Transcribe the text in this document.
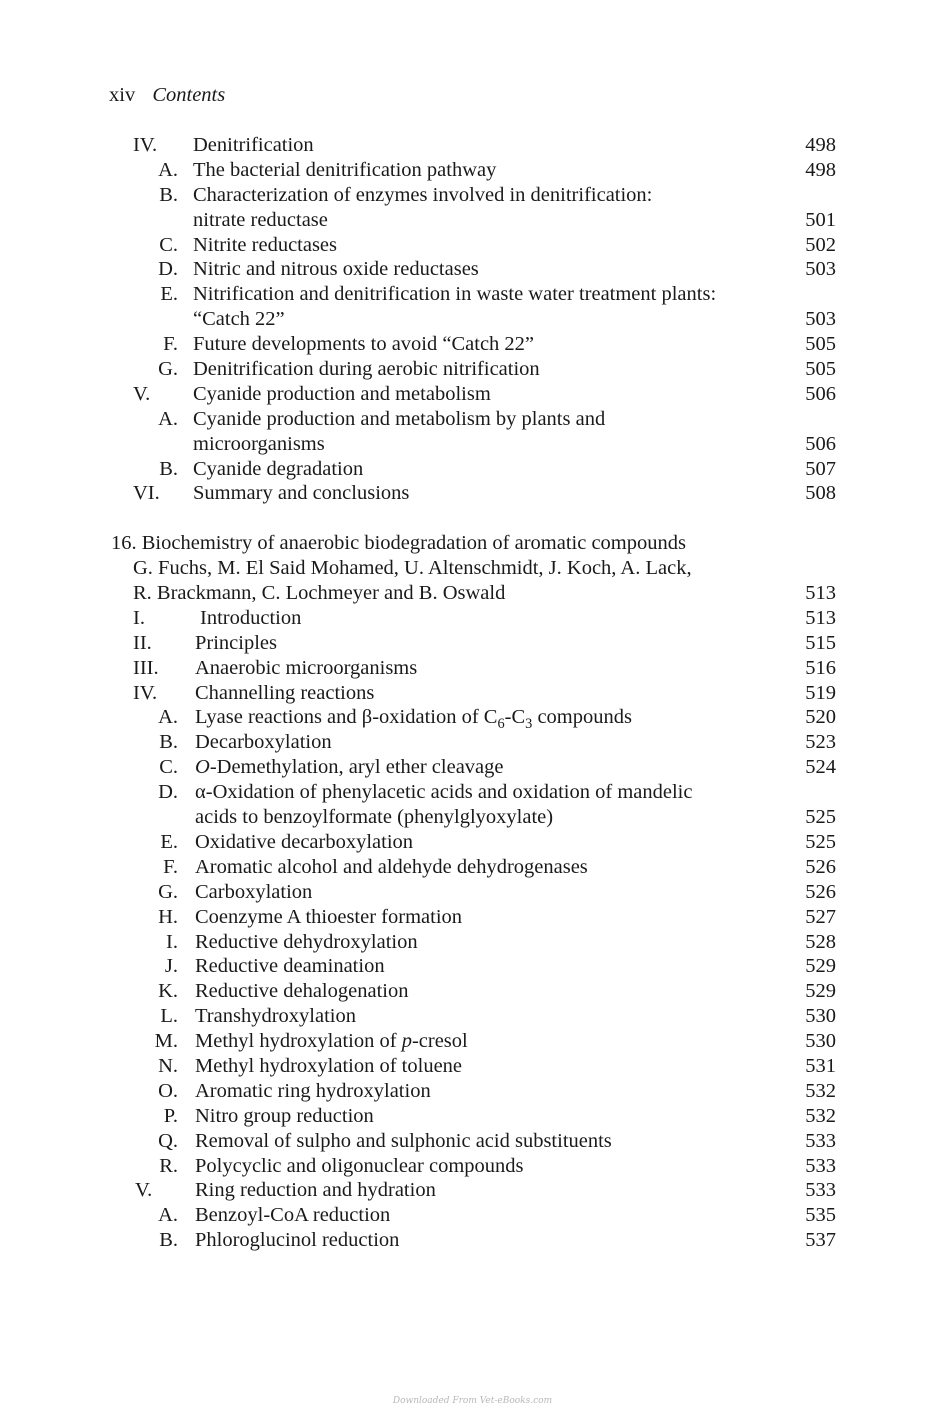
xiv Contents
IV. Denitrification	498
A. The bacterial denitrification pathway	498
B. Characterization of enzymes involved in denitrification:
nitrate reductase	501
C. Nitrite reductases	502
D. Nitric and nitrous oxide reductases	503
E. Nitrification and denitrification in waste water treatment plants:
“Catch 22”	503
F. Future developments to avoid “Catch 22”	505
G. Denitrification during aerobic nitrification	505
V. Cyanide production and metabolism	506
A. Cyanide production and metabolism by plants and
microorganisms	506
B. Cyanide degradation	507
VI. Summary and conclusions	508
16. Biochemistry of anaerobic biodegradation of aromatic compounds
G. Fuchs, M. El Said Mohamed, U. Altenschmidt, J. Koch, A. Lack,
R. Brackmann, C. Lochmeyer and B. Oswald	513
I.	Introduction	513
II. Principles	515
III. Anaerobic microorganisms	516
IV. Channelling reactions	519
A. Lyase reactions and β-oxidation of $C_6-C_3$ compounds	520
B. Decarboxylation	523
C. O-Demethylation, aryl ether cleavage	524
D. α-Oxidation of phenylacetic acids and oxidation of mandelic
acids to benzoylformate (phenylglyoxylate)	525
E. Oxidative decarboxylation	525
F. Aromatic alcohol and aldehyde dehydrogenases	526
G. Carboxylation	526
H. Coenzyme A thioester formation	527
I. Reductive dehydroxylation	528
J. Reductive deamination	529
K. Reductive dehalogenation	529
L. Transhydroxylation	530
M. Methyl hydroxylation of p-cresol	530
N. Methyl hydroxylation of toluene	531
O. Aromatic ring hydroxylation	532
P. Nitro group reduction	532
Q. Removal of sulpho and sulphonic acid substituents	533
R. Polycyclic and oligonuclear compounds	533
V. Ring reduction and hydration	533
A. Benzoyl-CoA reduction	535
B. Phloroglucinol reduction	537
Downloaded From Vet-eBooks.com
